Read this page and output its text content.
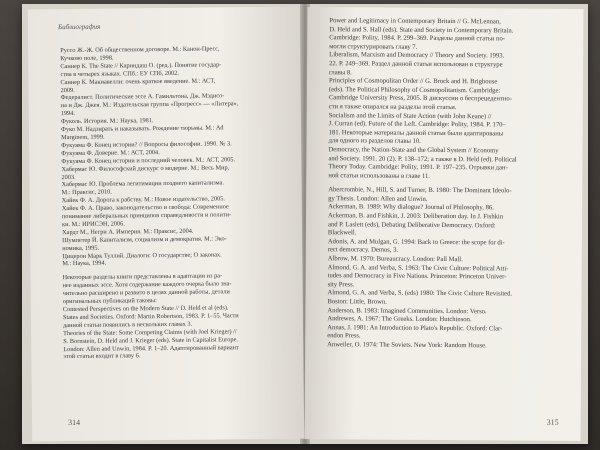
Библиография
Руссо Ж.-Ж. Об общественном договоре. М.: Канон-Пресс,
Кучково поле, 1998.
Саннер К. The State // Кариндаш О. (ред.). Понятие государ-
ства в четырех языках. СПб.: ЕУ СПб, 2002.
Саннер К. Макиавелли: очень краткое введение. М.: АСТ,
2009.
Федералист. Политические эссе А. Гамильтона, Дж. Мэдисо-
на и Дж. Джея. М.: Издательская группа «Прогресс» — «Литера»,
1994.
Фуколь. История. М.: Наука, 1981.
Фуко М. Надзирать и наказывать. Рождение тюрьмы. М.: Ad
Marginem, 1999.
Фукуяма Ф. Конец истории? // Вопросы философии. 1990. № 3.
Фукуяма Ф. Доверие. М.: АСТ, 2004.
Фукуяма Ф. Конец истории и последний человек. М.: АСТ, 2005.
Хабермас Ю. Философский дискурс о модерне. М.: Весь Мир,
2003.
Хабермас Ю. Проблема легитимации позднего капитализма.
М.: Праксис, 2010.
Хайек Ф. А. Дорога к рабству. М.: Новое издательство, 2005.
Хайек Ф. А. Право, законодательство и свобода: Современное
понимание либеральных принципов справедливости и полити-
ки. М.: ИРИСЭН, 2006.
Хардт М., Негри А. Империя. М.: Праксис, 2004.
Шумпетер Й. Капитализм, социализм и демократия. М.: Эко-
номика, 1995.
Цицерон Марк Туллий. Диалоги: О государстве; О законах.
М.: Наука, 1994.
Некоторые разделы книги представлены в адаптации из ра-
нее изданных эссе. Хотя содержание каждого очерка было зна-
чительно расширено и развито в целях данной работы, детали
оригинальных публикаций таковы:
Contested Perspectives on the Modern State // D. Held et al (eds).
States and Societies. Oxford: Martin Robertson, 1983. P. 1–55. Части
данной статьи появились в нескольких главах 3.
Theories of the State: Some Competing Claims (with Joel Krieger) //
S. Bornstein, D. Held and J. Krieger (eds). State in Capitalist Europe.
London: Allen and Unwin, 1984. P. 1–20. Адаптированный вариант
этой статьи входит в главу 6.
314
Power and Legitimacy in Contemporary Britain // G. McLennan,
D. Held and S. Hall (eds). State and Society in Contemporary Britain.
Cambridge: Polity, 1984. P. 299–369. Разделы данной статьи по-
могли структурировать главу 7.
Liberalism, Marxism and Democracy // Theory and Society. 1993.
22. P. 249–369. Раздел данной статьи использован в структуре
главы 8.
Principles of Cosmopolitan Order // G. Brock and H. Brighouse
(eds). The Political Philosophy of Cosmopolitanism. Cambridge:
Cambridge University Press, 2005. В дискуссии о беспрецедентно-
сти я также опирался на разделы этой статьи.
Socialism and the Limits of State Action (with John Keane) //
J. Curran (ed). Future of the Left. Cambridge: Polity, 1984. P. 170–
181. Некоторые материалы данной статьи были адаптированы
для одного из разделов главы 10.
Democracy, the Nation-State and the Global System // Economy
and Society. 1991. 20 (2). P. 138–172; а также в D. Held (ed). Political
Theory Today. Cambridge: Polity, 1991. P. 197–235. Отрывки дан-
ной статьи использованы в главе 11.
Abercrombie, N., Hill, S. and Turner, B. 1980: The Dominant Ideolo-
gy Thesis. London: Allen and Unwin.
Ackerman, B. 1989: Why dialogue? Journal of Philosophy, 86.
Ackerman, B. and Fishkin, J. 2003: Deliberation day. In J. Fishkin
and P. Laslett (eds), Debating Deliberative Democracy. Oxford:
Blackwell.
Adonis, A. and Mulgan, G. 1994: Back to Greece: the scope for di-
rect democracy. Demos, 3.
Albrow, M. 1970: Bureaucracy. London: Pall Mall.
Almond, G. A. and Verba, S. 1963: The Civic Culture: Political Atti-
tudes and Democracy in Five Nations. Princeton: Princeton Univer-
sity Press.
Almond, G. A. and Verba, S. (eds) 1980: The Civic Culture Revisited.
Boston: Little, Brown.
Anderson, B. 1983: Imagined Communities. London: Verso.
Andrewes, A. 1967: The Greeks. London: Hutchinson.
Annas, J. 1981: An Introduction to Plato's Republic. Oxford: Clar-
endon Press.
Anweiler, O. 1974: The Soviets. New York: Random House.
315
